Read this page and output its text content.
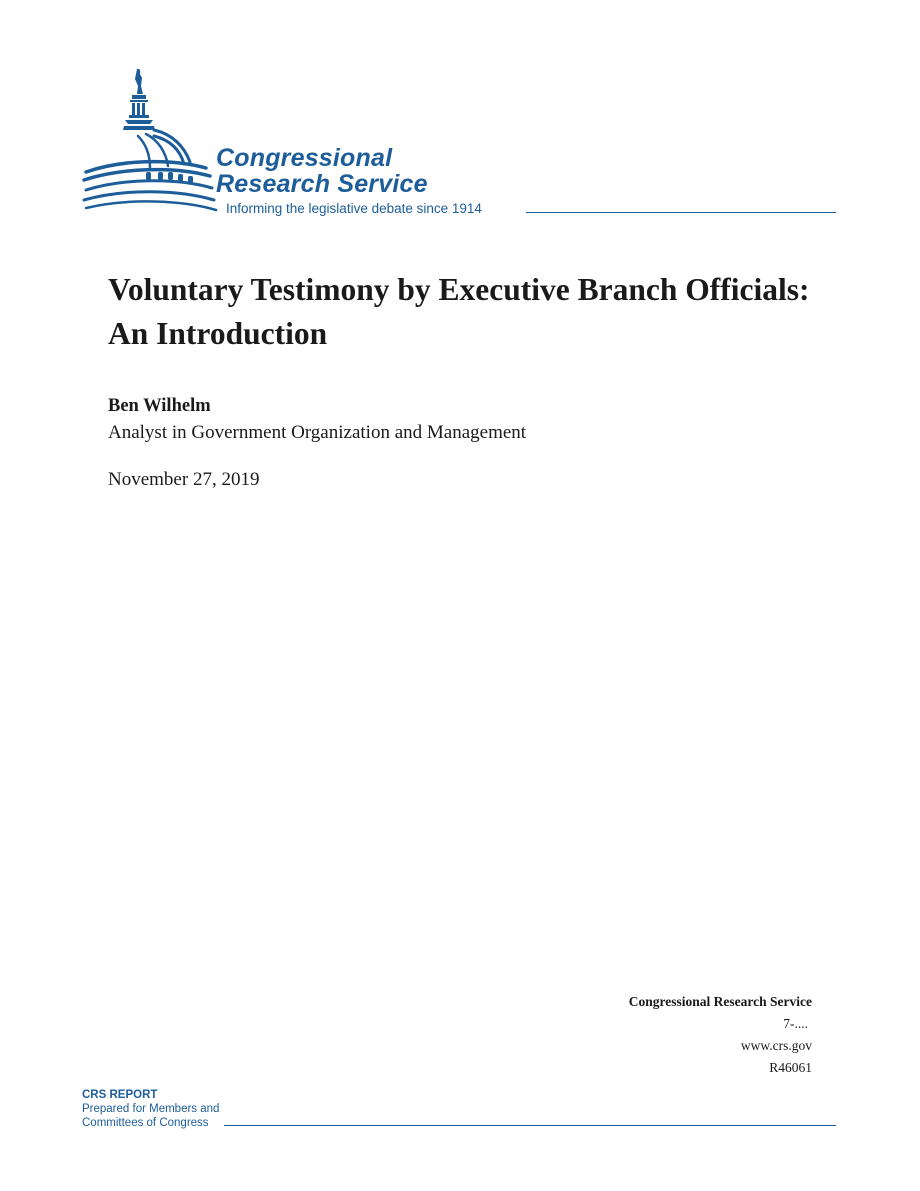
Congressional
Research Service
Informing the legislative debate since 1914
Voluntary Testimony by Executive Branch Officials: An Introduction
Ben Wilhelm
Analyst in Government Organization and Management
November 27, 2019
Congressional Research Service
7-....
www.crs.gov
R46061
CRS REPORT
Prepared for Members and
Committees of Congress
